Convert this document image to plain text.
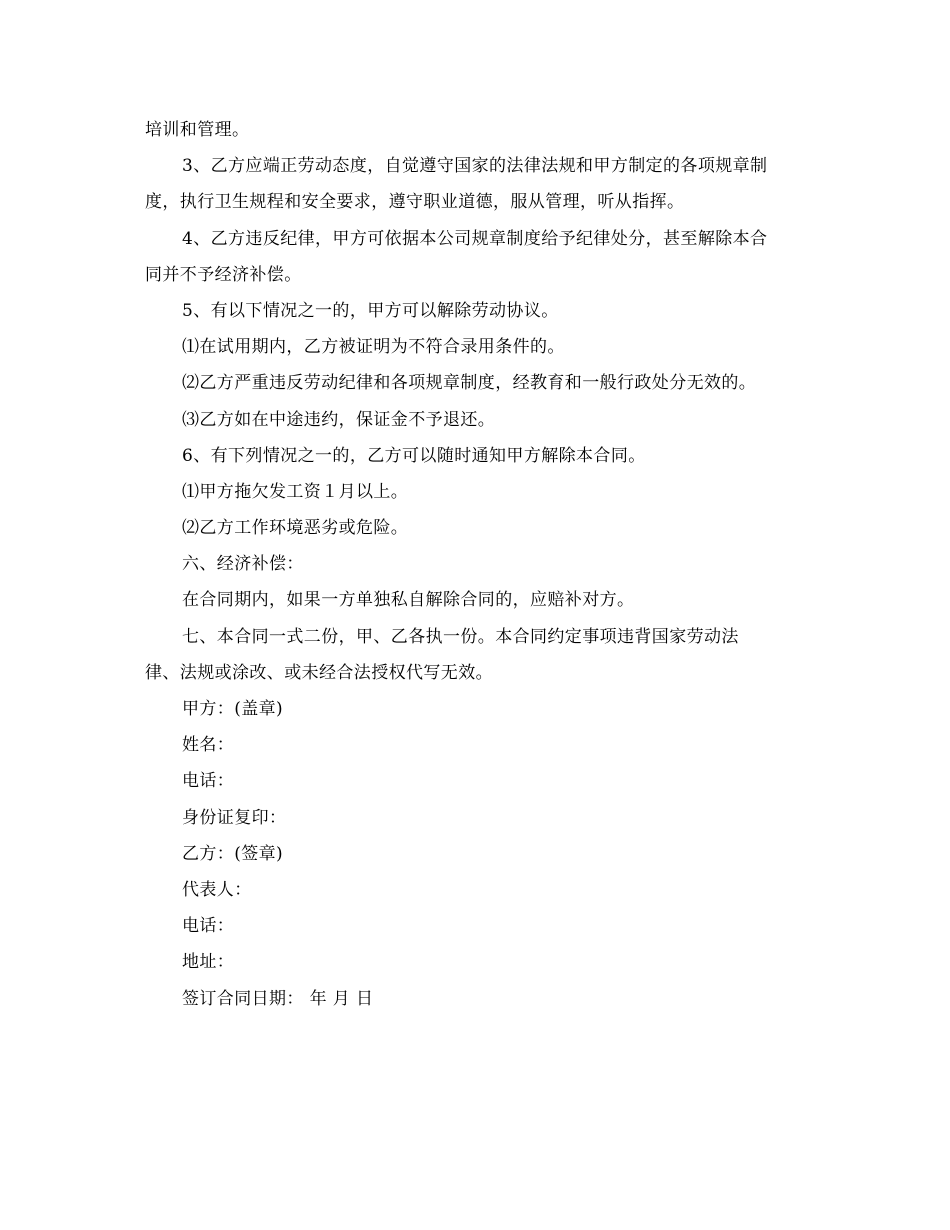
培训和管理。
3、乙方应端正劳动态度，自觉遵守国家的法律法规和甲方制定的各项规章制
度，执行卫生规程和安全要求，遵守职业道德，服从管理，听从指挥。
4、乙方违反纪律，甲方可依据本公司规章制度给予纪律处分，甚至解除本合
同并不予经济补偿。
5、有以下情况之一的，甲方可以解除劳动协议。
⑴在试用期内，乙方被证明为不符合录用条件的。
⑵乙方严重违反劳动纪律和各项规章制度，经教育和一般行政处分无效的。
⑶乙方如在中途违约，保证金不予退还。
6、有下列情况之一的，乙方可以随时通知甲方解除本合同。
⑴甲方拖欠发工资１月以上。
⑵乙方工作环境恶劣或危险。
六、经济补偿：
在合同期内，如果一方单独私自解除合同的，应赔补对方。
七、本合同一式二份，甲、乙各执一份。本合同约定事项违背国家劳动法
律、法规或涂改、或未经合法授权代写无效。
甲方：(盖章)
姓名：
电话：
身份证复印：
乙方：(签章)
代表人：
电话：
地址：
签订合同日期： 年 月 日
